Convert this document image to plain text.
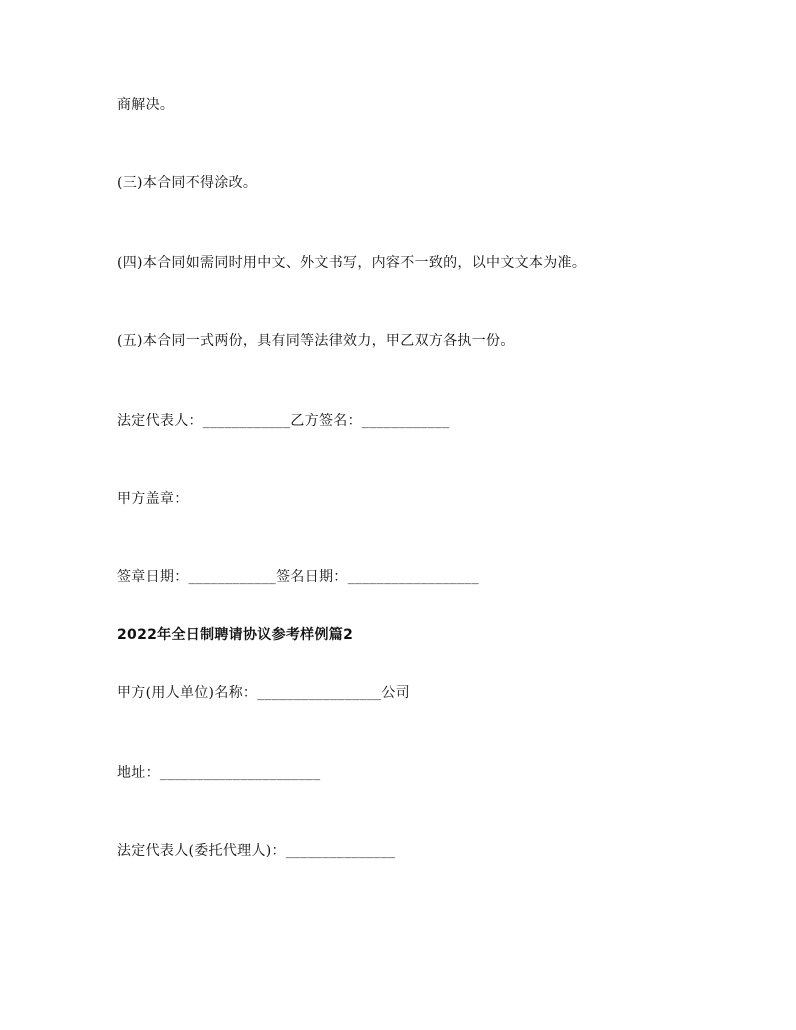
商解决。
(三)本合同不得涂改。
(四)本合同如需同时用中文、外文书写，内容不一致的，以中文文本为准。
(五)本合同一式两份，具有同等法律效力，甲乙双方各执一份。
法定代表人：____________乙方签名：____________
甲方盖章：
签章日期：____________签名日期：__________________
2022年全日制聘请协议参考样例篇2
甲方(用人单位)名称：_________________公司
地址：______________________
法定代表人(委托代理人)：_______________
